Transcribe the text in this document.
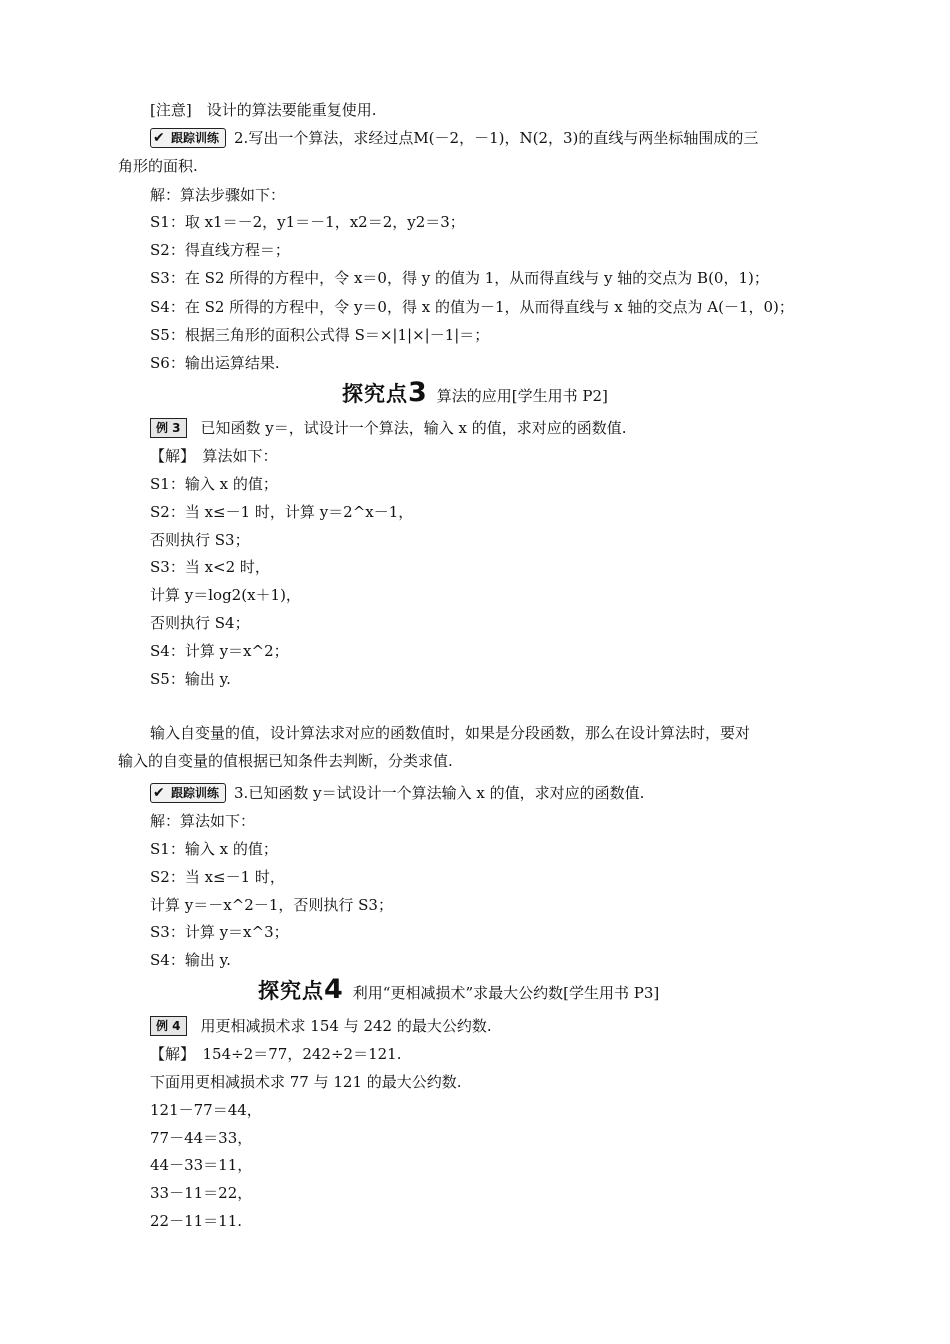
[注意]　设计的算法要能重复使用.
✔ 跟踪训练 2.写出一个算法，求经过点M(－2，－1)，N(2，3)的直线与两坐标轴围成的三
角形的面积.
解：算法步骤如下：
S1：取 x1＝－2，y1＝－1，x2＝2，y2＝3；
S2：得直线方程＝；
S3：在 S2 所得的方程中，令 x＝0，得 y 的值为 1，从而得直线与 y 轴的交点为 B(0，1)；
S4：在 S2 所得的方程中，令 y＝0，得 x 的值为－1，从而得直线与 x 轴的交点为 A(－1，0)；
S5：根据三角形的面积公式得 S＝×|1|×|－1|＝；
S6：输出运算结果.
探究点3 算法的应用[学生用书 P2]
例 3 已知函数 y＝，试设计一个算法，输入 x 的值，求对应的函数值.
【解】　算法如下：
S1：输入 x 的值；
S2：当 x≤－1 时，计算 y＝2^x－1，
否则执行 S3；
S3：当 x<2 时，
计算 y＝log2(x＋1)，
否则执行 S4；
S4：计算 y＝x^2；
S5：输出 y.
输入自变量的值，设计算法求对应的函数值时，如果是分段函数，那么在设计算法时，要对
输入的自变量的值根据已知条件去判断，分类求值.
✔ 跟踪训练 3.已知函数 y＝试设计一个算法输入 x 的值，求对应的函数值.
解：算法如下：
S1：输入 x 的值；
S2：当 x≤－1 时，
计算 y＝－x^2－1，否则执行 S3；
S3：计算 y＝x^3；
S4：输出 y.
探究点4 利用“更相减损术”求最大公约数[学生用书 P3]
例 4 用更相减损术求 154 与 242 的最大公约数.
【解】　154÷2＝77，242÷2＝121.
下面用更相减损术求 77 与 121 的最大公约数.
121－77＝44，
77－44＝33，
44－33＝11，
33－11＝22，
22－11＝11.
